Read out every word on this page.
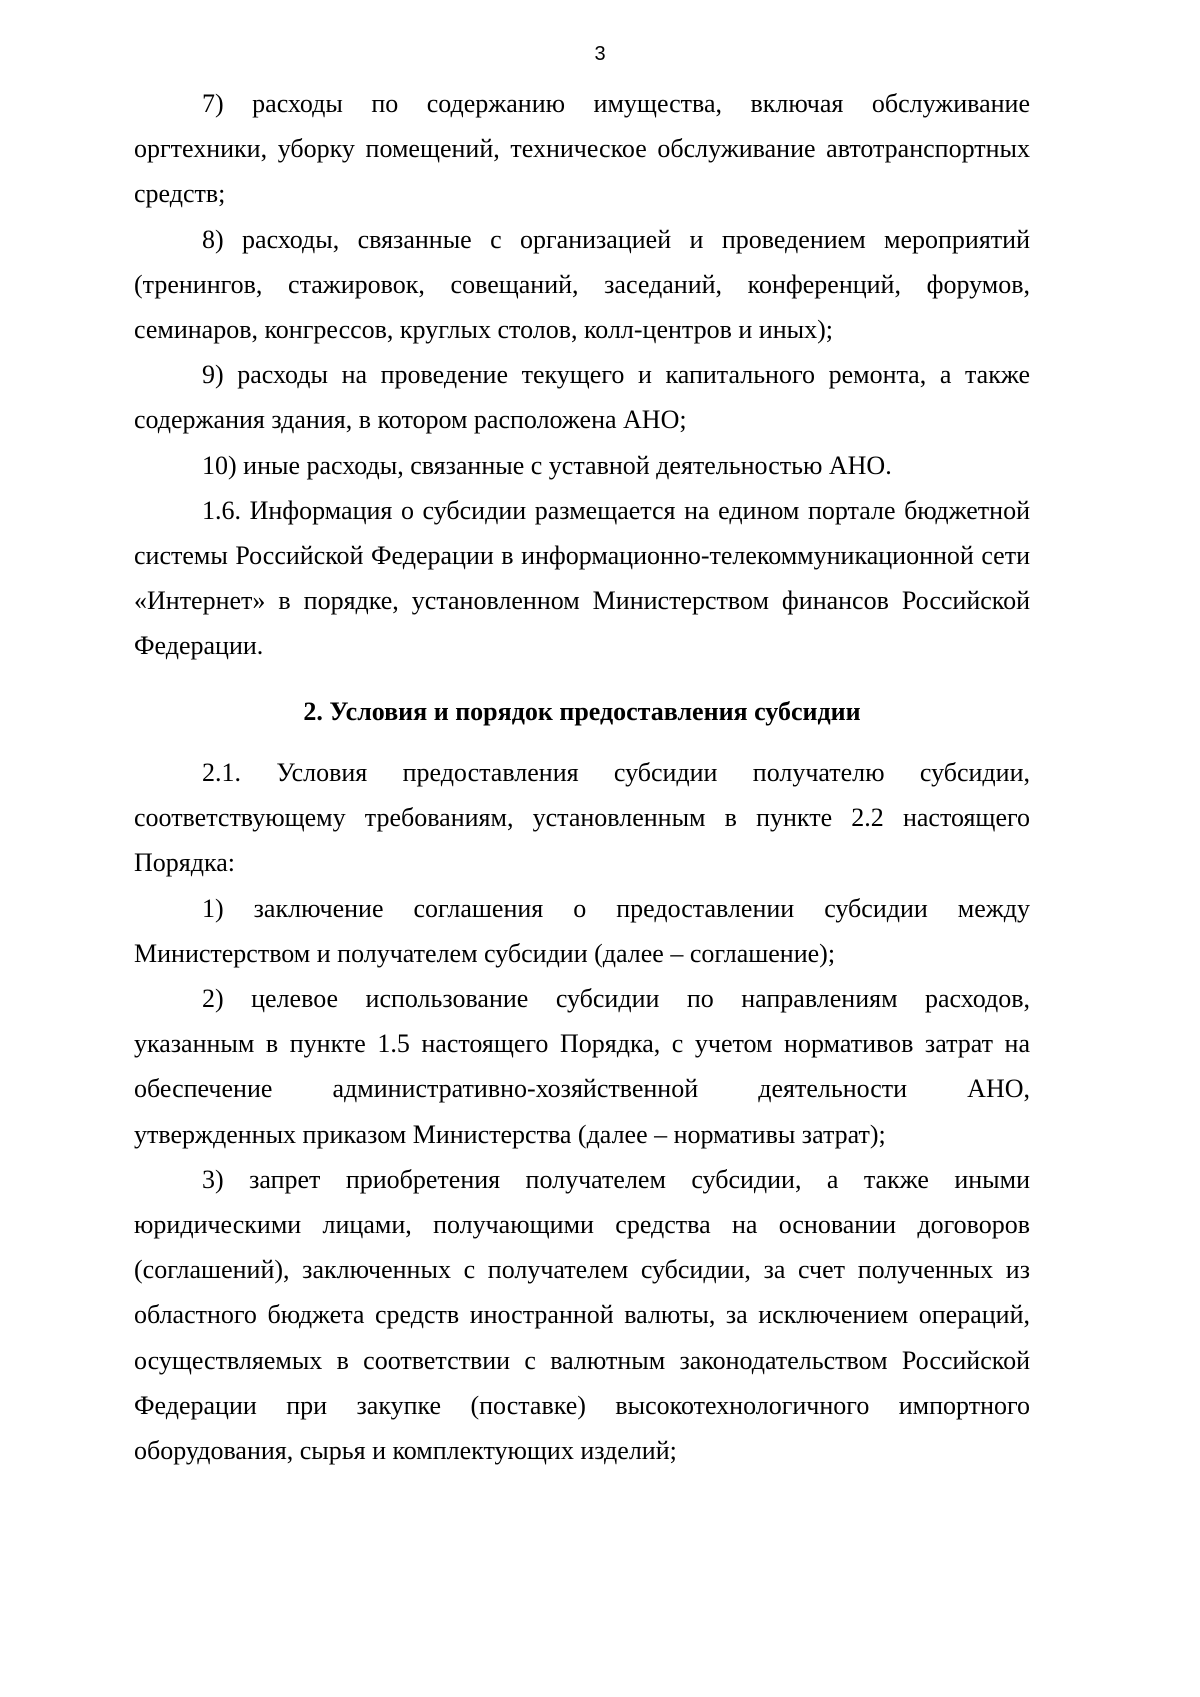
3

7) расходы по содержанию имущества, включая обслуживание оргтехники, уборку помещений, техническое обслуживание автотранспортных средств;

8) расходы, связанные с организацией и проведением мероприятий (тренингов, стажировок, совещаний, заседаний, конференций, форумов, семинаров, конгрессов, круглых столов, колл-центров и иных);

9) расходы на проведение текущего и капитального ремонта, а также содержания здания, в котором расположена АНО;

10) иные расходы, связанные с уставной деятельностью АНО.

1.6. Информация о субсидии размещается на едином портале бюджетной системы Российской Федерации в информационно-телекоммуникационной сети «Интернет» в порядке, установленном Министерством финансов Российской Федерации.

2. Условия и порядок предоставления субсидии

2.1. Условия предоставления субсидии получателю субсидии, соответствующему требованиям, установленным в пункте 2.2 настоящего Порядка:

1) заключение соглашения о предоставлении субсидии между Министерством и получателем субсидии (далее – соглашение);

2) целевое использование субсидии по направлениям расходов, указанным в пункте 1.5 настоящего Порядка, с учетом нормативов затрат на обеспечение административно-хозяйственной деятельности АНО, утвержденных приказом Министерства (далее – нормативы затрат);

3) запрет приобретения получателем субсидии, а также иными юридическими лицами, получающими средства на основании договоров (соглашений), заключенных с получателем субсидии, за счет полученных из областного бюджета средств иностранной валюты, за исключением операций, осуществляемых в соответствии с валютным законодательством Российской Федерации при закупке (поставке) высокотехнологичного импортного оборудования, сырья и комплектующих изделий;
